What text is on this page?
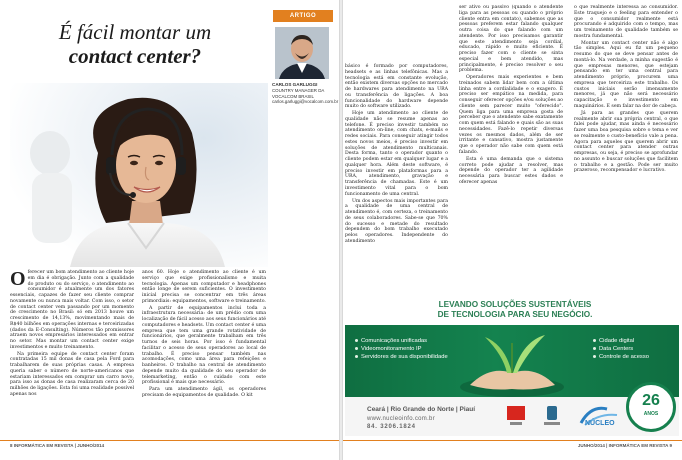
É fácil montar um
contact center?

Oferecer um bom atendimento ao cliente hoje em dia é obrigação. Junto com a qualidade do produto ou do serviço, o atendimento ao consumidor é atualmente um dos fatores essenciais, capazes de fazer seu cliente comprar novamente ou nunca mais voltar. Com isso, o setor de contact center vem passando por um momento de crescimento no Brasil: só em 2013 houve um crescimento de 14,13%, movimentando mais de R$40 bilhões em operações internas e terceirizadas (dados da E-Consulting). Números tão promissores atraem novos empresários interessados em entrar no setor. Mas montar um contact center exige investimentos e muito treinamento.

Na primeira equipe de contact center foram contratadas 15 mil donas de casa pela Ford para trabalharem de suas próprias casas. A empresa queria saber o número de norte-americanos que estariam interessados em comprar um carro novo, para isso as donas de casa realizaram cerca de 20 milhões de ligações. Esta foi uma realidade possível apenas nos

anos 60. Hoje o atendimento ao cliente é um serviço que exige profissionalismo e muita tecnologia. Apenas um computador e headphones então longe de serem suficientes. O investimento inicial precisa se concentrar em três áreas primordiais: equipamentos, software e treinamento.

A partir de equipamentos inclui toda a infraestrutura necessária: de um prédio com uma localização de fácil acesso aos seus funcionários até computadores e headsets. Um contact center é uma empresa que tem uma grande rotatividade de funcionários, que geralmente trabalham em três turnos de seis horas. Por isso é fundamental facilitar o acesso de seus operadores ao local de trabalho. É preciso pensar também nas acomodações, como uma área para refeições e banheiros. O trabalho na central de atendimento depende muito da qualidade do seu operador de telemarketing, então o cuidado com este profissional é mais que necessário.

Para um atendimento ágil, os operadores precisam de equipamentos de qualidade. O kit

ARTIGO
CARLOS GARLUGGI
COUNTRY MANAGER DA VOCALCOM BRASIL
carlos.garluggi@vocalcom.com.br
8 INFORMÁTICA EM REVISTA | JUNHO/2014

básico é formado por computadores, headsets e as linhas telefônicas. Mas a tecnologia está em constante evolução, então existem diversas opções no mercado de hardwares para atendimento na URA ou transferência de ligações. A boa funcionalidade do hardware depende muito do software utilizado.

Hoje um atendimento ao cliente de qualidade não se resume apenas ao telefone. É preciso investir também no atendimento on-line, com chats, e-mails e redes sociais. Para conseguir atingir todos estes novos meios, é preciso investir em soluções de atendimento multicanais. Desta forma, tanto o operador quanto o cliente podem estar em qualquer lugar e a qualquer hora. Além deste software, é preciso investir em plataformas para a URA, atendimento, gravação e transferência de chamadas. Este é um investimento vital para o bom funcionamento de uma central.

Um dos aspectos mais importantes para a qualidade de uma central de atendimento é, com certeza, o treinamento de seus colaboradores. Sabe-se que 70% do sucesso e metade do resultado dependem do bom trabalho executado pelos operadores. Independente do atendimento

ser ativo ou passivo (quando o atendente liga para as pessoas ou quando o próprio cliente entra em contato), sabemos que as pessoas preferem estar falando qualquer outra coisa do que falando com um atendente. Por isso precisamos garantir que este atendimento seja cordial, educado, rápido e muito eficiente. É preciso fazer com o cliente se sinta especial e bem atendido, mas principalmente, é preciso resolver o seu problema.

Operadores mais experientes e bem treinados sabem lidar bem com a última linha entre a cordialidade e o exagero. É preciso ser empático na medida, para conseguir oferecer opções e/ou soluções ao cliente sem parecer muito "oferecido". Quem liga para uma empresa gosta de perceber que o atendente sabe exatamente com quem está falando e quais são as suas necessidades. Fazê-lo repetir diversas vezes os mesmos dados, além de ser irritante e cansativo, mostra justamente que o operador não sabe com quem está falando.

Esta é uma demanda que o sistema correto pode ajudar a resolver, mas depende do operador ter a agilidade necessária para buscar estes dados e oferecer apenas

o que realmente interessa ao consumidor. Este traquejo e o feeling para entender o que o consumidor realmente está procurando é adquirido com o tempo, mas um treinamento de qualidade também se mostra fundamental.

Montar um contact center não é algo tão simples. Aqui eu fiz um pequeno resumo do que se deve pensar antes de montá-lo. Na verdade, a minha sugestão é que empresas menores, que estejam pensando em ter uma central para atendimento próprio, procurem uma empresa que terceiriza este trabalho. Os custos iniciais serão imensamente menores, já que não será necessário capacitação e investimento em maquinários. E sem falar na dor de cabeça.

Já para as grandes que querem realmente abrir sua própria central, o que falei pode ajudar, mas ainda é necessário fazer uma boa pesquisa sobre o tema e ver se realmente o custo-benefício vale a pena. Agora para aqueles que querem abrir um contact center para atender outras empresas, ou seja, é preciso se aprofundar no assunto e buscar soluções que facilitem o trabalho e a gestão. Pode ser muito prazeroso, recompensador e lucrativo.

LEVANDO SOLUÇÕES SUSTENTÁVEIS
DE TECNOLOGIA PARA SEU NEGÓCIO.
Comunicações unificadas
Videomonitoramento IP
Servidores de sua disponibilidade
Cidade digital
Data Centers
Controle de acesso
Ceará | Rio Grande do Norte | Piauí
www.nucleoinfo.com.br
84. 3206.1824	NÚCLEO
26
ANOS
JUNHO/2014 | INFORMÁTICA EM REVISTA 9
